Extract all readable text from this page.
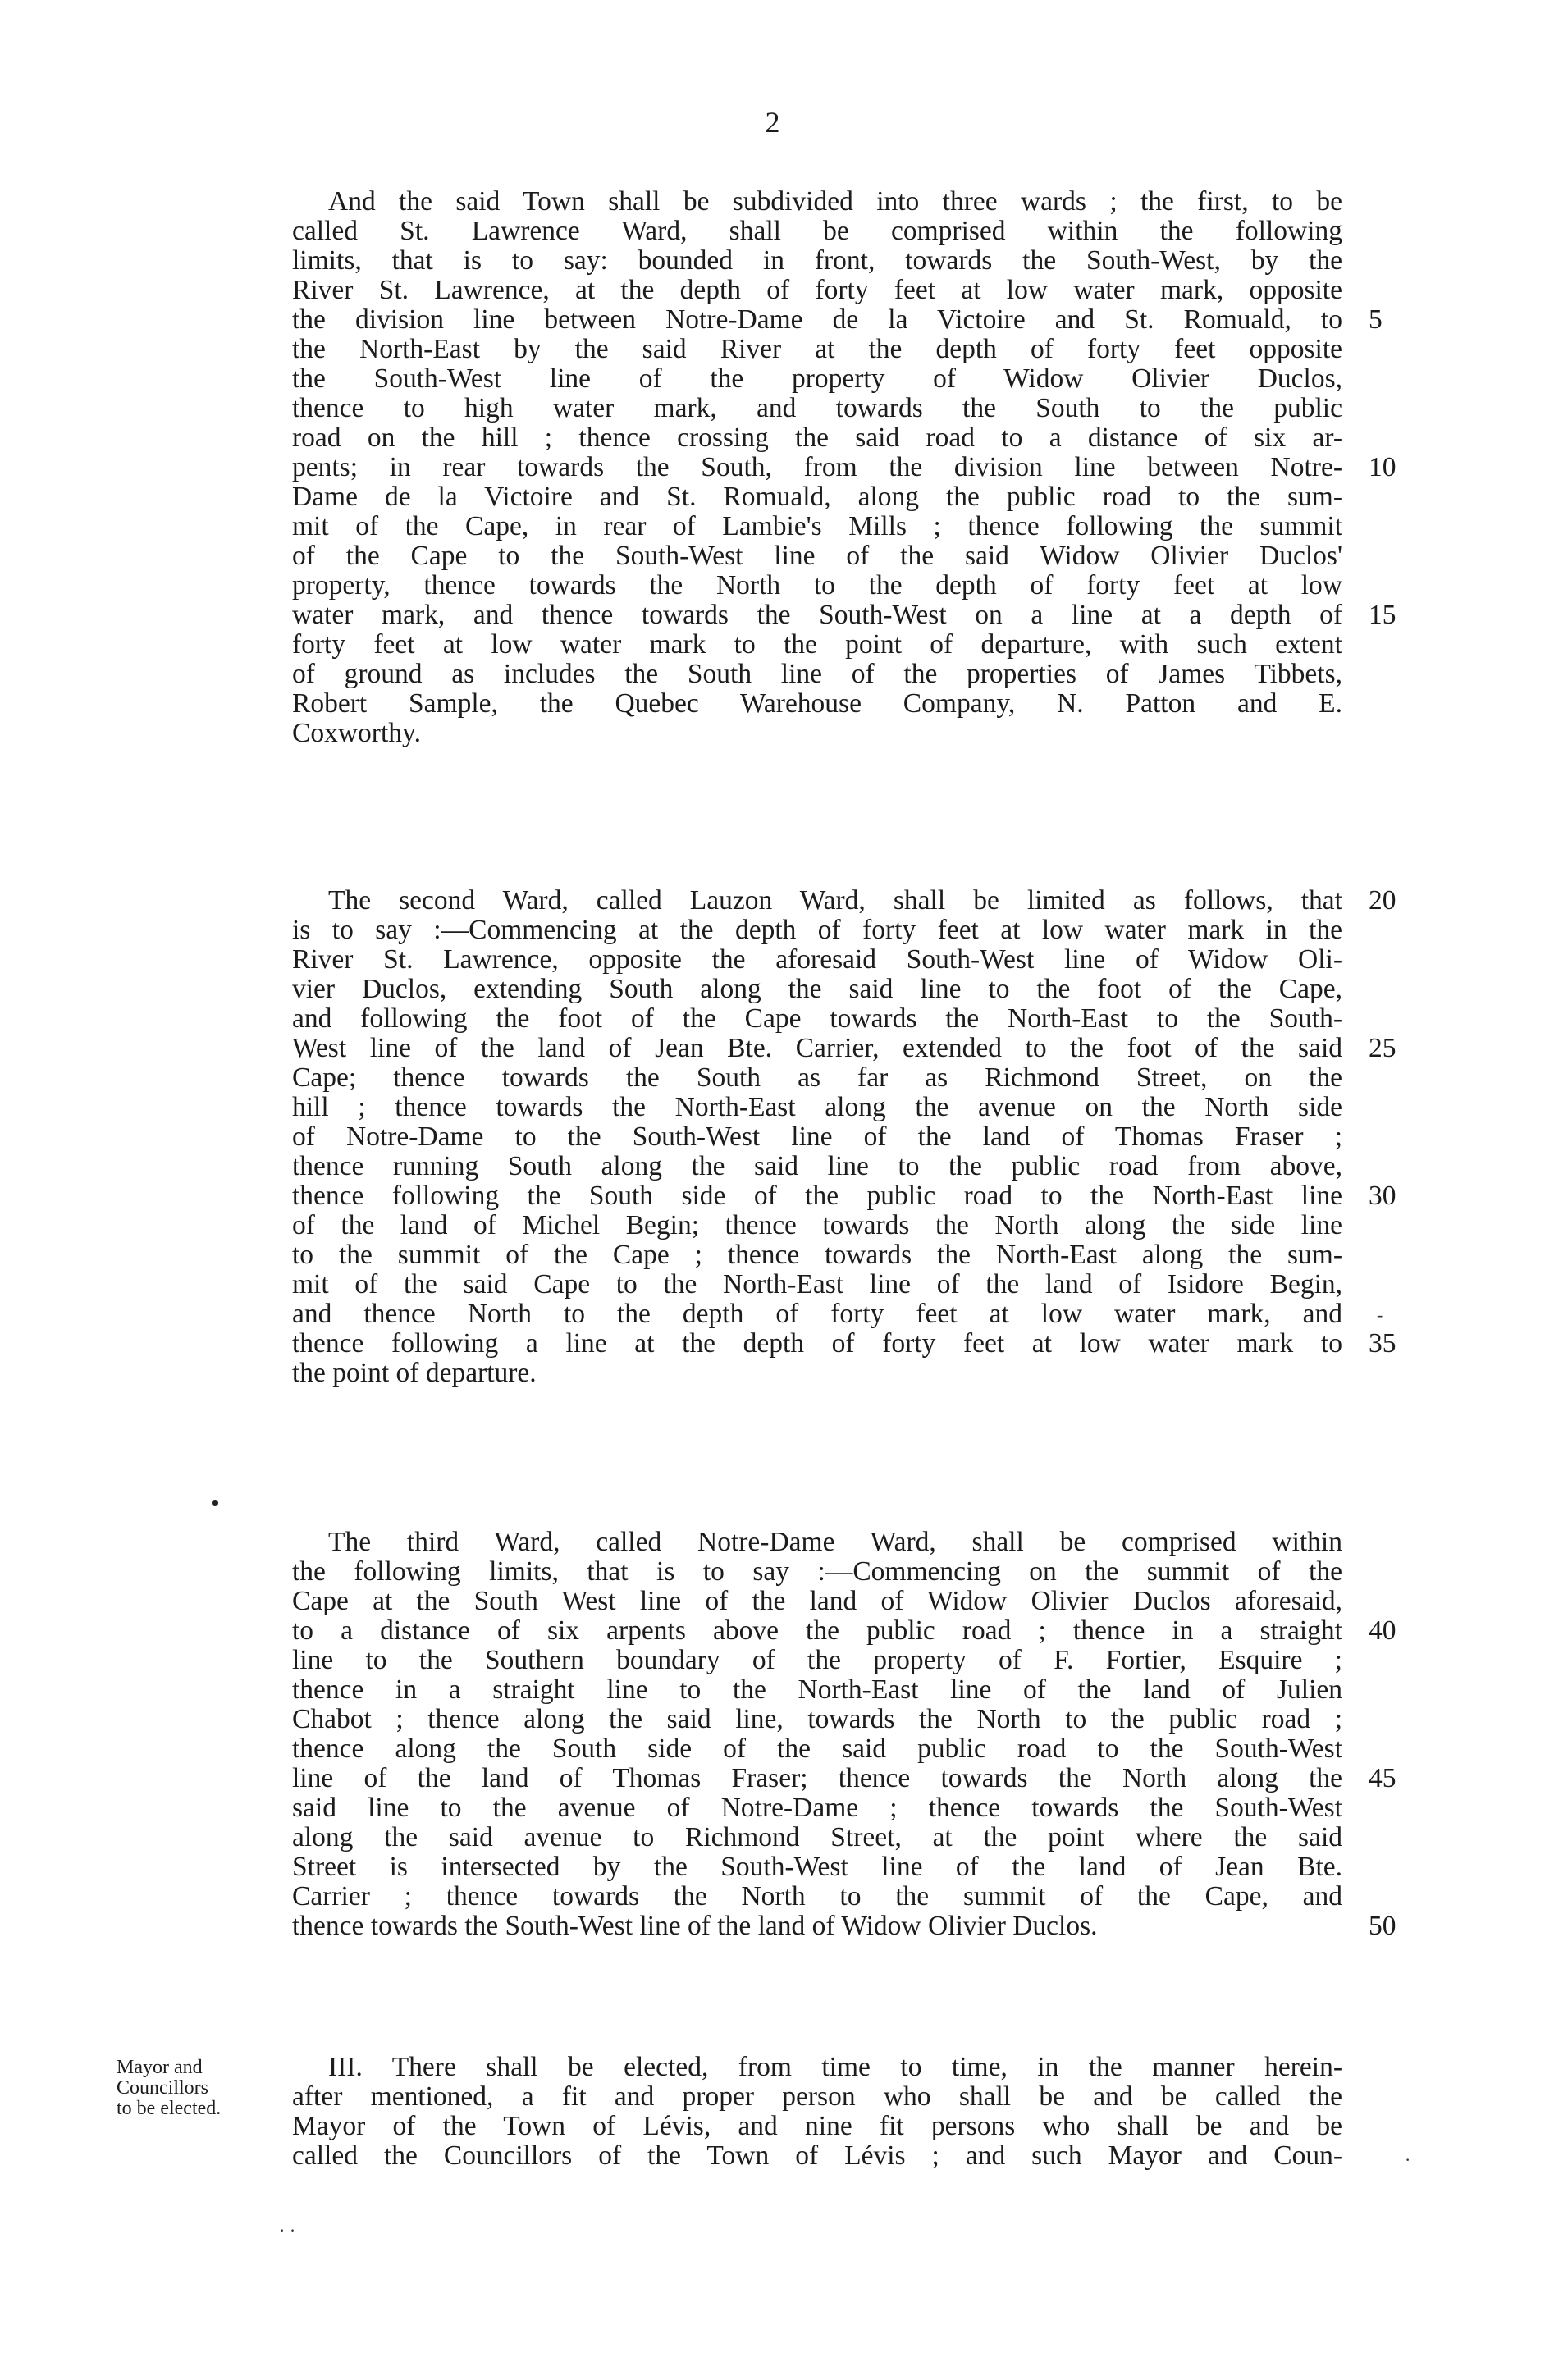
2
And the said Town shall be subdivided into three wards ; the first, to be
called St. Lawrence Ward, shall be comprised within the following
limits, that is to say: bounded in front, towards the South-West, by the
River St. Lawrence, at the depth of forty feet at low water mark, opposite
the division line between Notre-Dame de la Victoire and St. Romuald, to
the North-East by the said River at the depth of forty feet opposite
the South-West line of the property of Widow Olivier Duclos,
thence to high water mark, and towards the South to the public
road on the hill ; thence crossing the said road to a distance of six ar-
pents; in rear towards the South, from the division line between Notre-
Dame de la Victoire and St. Romuald, along the public road to the sum-
mit of the Cape, in rear of Lambie's Mills ; thence following the summit
of the Cape to the South-West line of the said Widow Olivier Duclos'
property, thence towards the North to the depth of forty feet at low
water mark, and thence towards the South-West on a line at a depth of
forty feet at low water mark to the point of departure, with such extent
of ground as includes the South line of the properties of James Tibbets,
Robert Sample, the Quebec Warehouse Company, N. Patton and E.
Coxworthy.
The second Ward, called Lauzon Ward, shall be limited as follows, that
is to say :—Commencing at the depth of forty feet at low water mark in the
River St. Lawrence, opposite the aforesaid South-West line of Widow Oli-
vier Duclos, extending South along the said line to the foot of the Cape,
and following the foot of the Cape towards the North-East to the South-
West line of the land of Jean Bte. Carrier, extended to the foot of the said
Cape; thence towards the South as far as Richmond Street, on the
hill ; thence towards the North-East along the avenue on the North side
of Notre-Dame to the South-West line of the land of Thomas Fraser ;
thence running South along the said line to the public road from above,
thence following the South side of the public road to the North-East line
of the land of Michel Begin; thence towards the North along the side line
to the summit of the Cape ; thence towards the North-East along the sum-
mit of the said Cape to the North-East line of the land of Isidore Begin,
and thence North to the depth of forty feet at low water mark, and
thence following a line at the depth of forty feet at low water mark to
the point of departure.
The third Ward, called Notre-Dame Ward, shall be comprised within
the following limits, that is to say :—Commencing on the summit of the
Cape at the South West line of the land of Widow Olivier Duclos aforesaid,
to a distance of six arpents above the public road ; thence in a straight
line to the Southern boundary of the property of F. Fortier, Esquire ;
thence in a straight line to the North-East line of the land of Julien
Chabot ; thence along the said line, towards the North to the public road ;
thence along the South side of the said public road to the South-West
line of the land of Thomas Fraser; thence towards the North along the
said line to the avenue of Notre-Dame ; thence towards the South-West
along the said avenue to Richmond Street, at the point where the said
Street is intersected by the South-West line of the land of Jean Bte.
Carrier ; thence towards the North to the summit of the Cape, and
thence towards the South-West line of the land of Widow Olivier Duclos.
III. There shall be elected, from time to time, in the manner herein-
after mentioned, a fit and proper person who shall be and be called the
Mayor of the Town of Lévis, and nine fit persons who shall be and be
called the Councillors of the Town of Lévis ; and such Mayor and Coun-
5
10
15
20
25
30
35
40
45
50
Mayor and
Councillors
to be elected.
-
·
· ·
